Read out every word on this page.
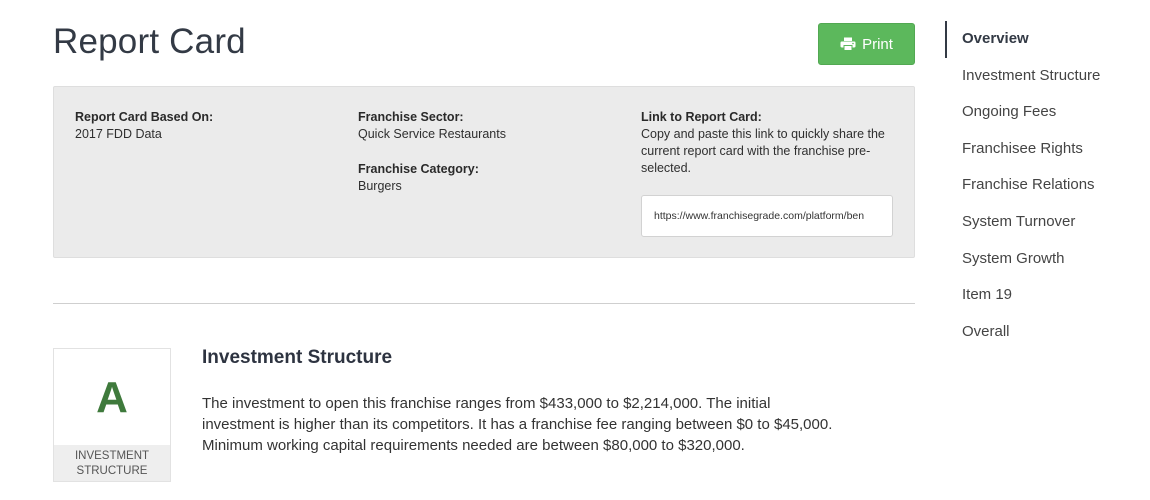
Report Card	Print
Report Card Based On:
2017 FDD Data
Franchise Sector:
Quick Service Restaurants
Franchise Category:
Burgers
Link to Report Card:
Copy and paste this link to quickly share the current report card with the franchise pre-selected.
https://www.franchisegrade.com/platform/ben
A
INVESTMENT STRUCTURE
Investment Structure

The investment to open this franchise ranges from $433,000 to $2,214,000. The initial investment is higher than its competitors. It has a franchise fee ranging between $0 to $45,000. Minimum working capital requirements needed are between $80,000 to $320,000.

Overview
Investment Structure
Ongoing Fees
Franchisee Rights
Franchise Relations
System Turnover
System Growth
Item 19
Overall
